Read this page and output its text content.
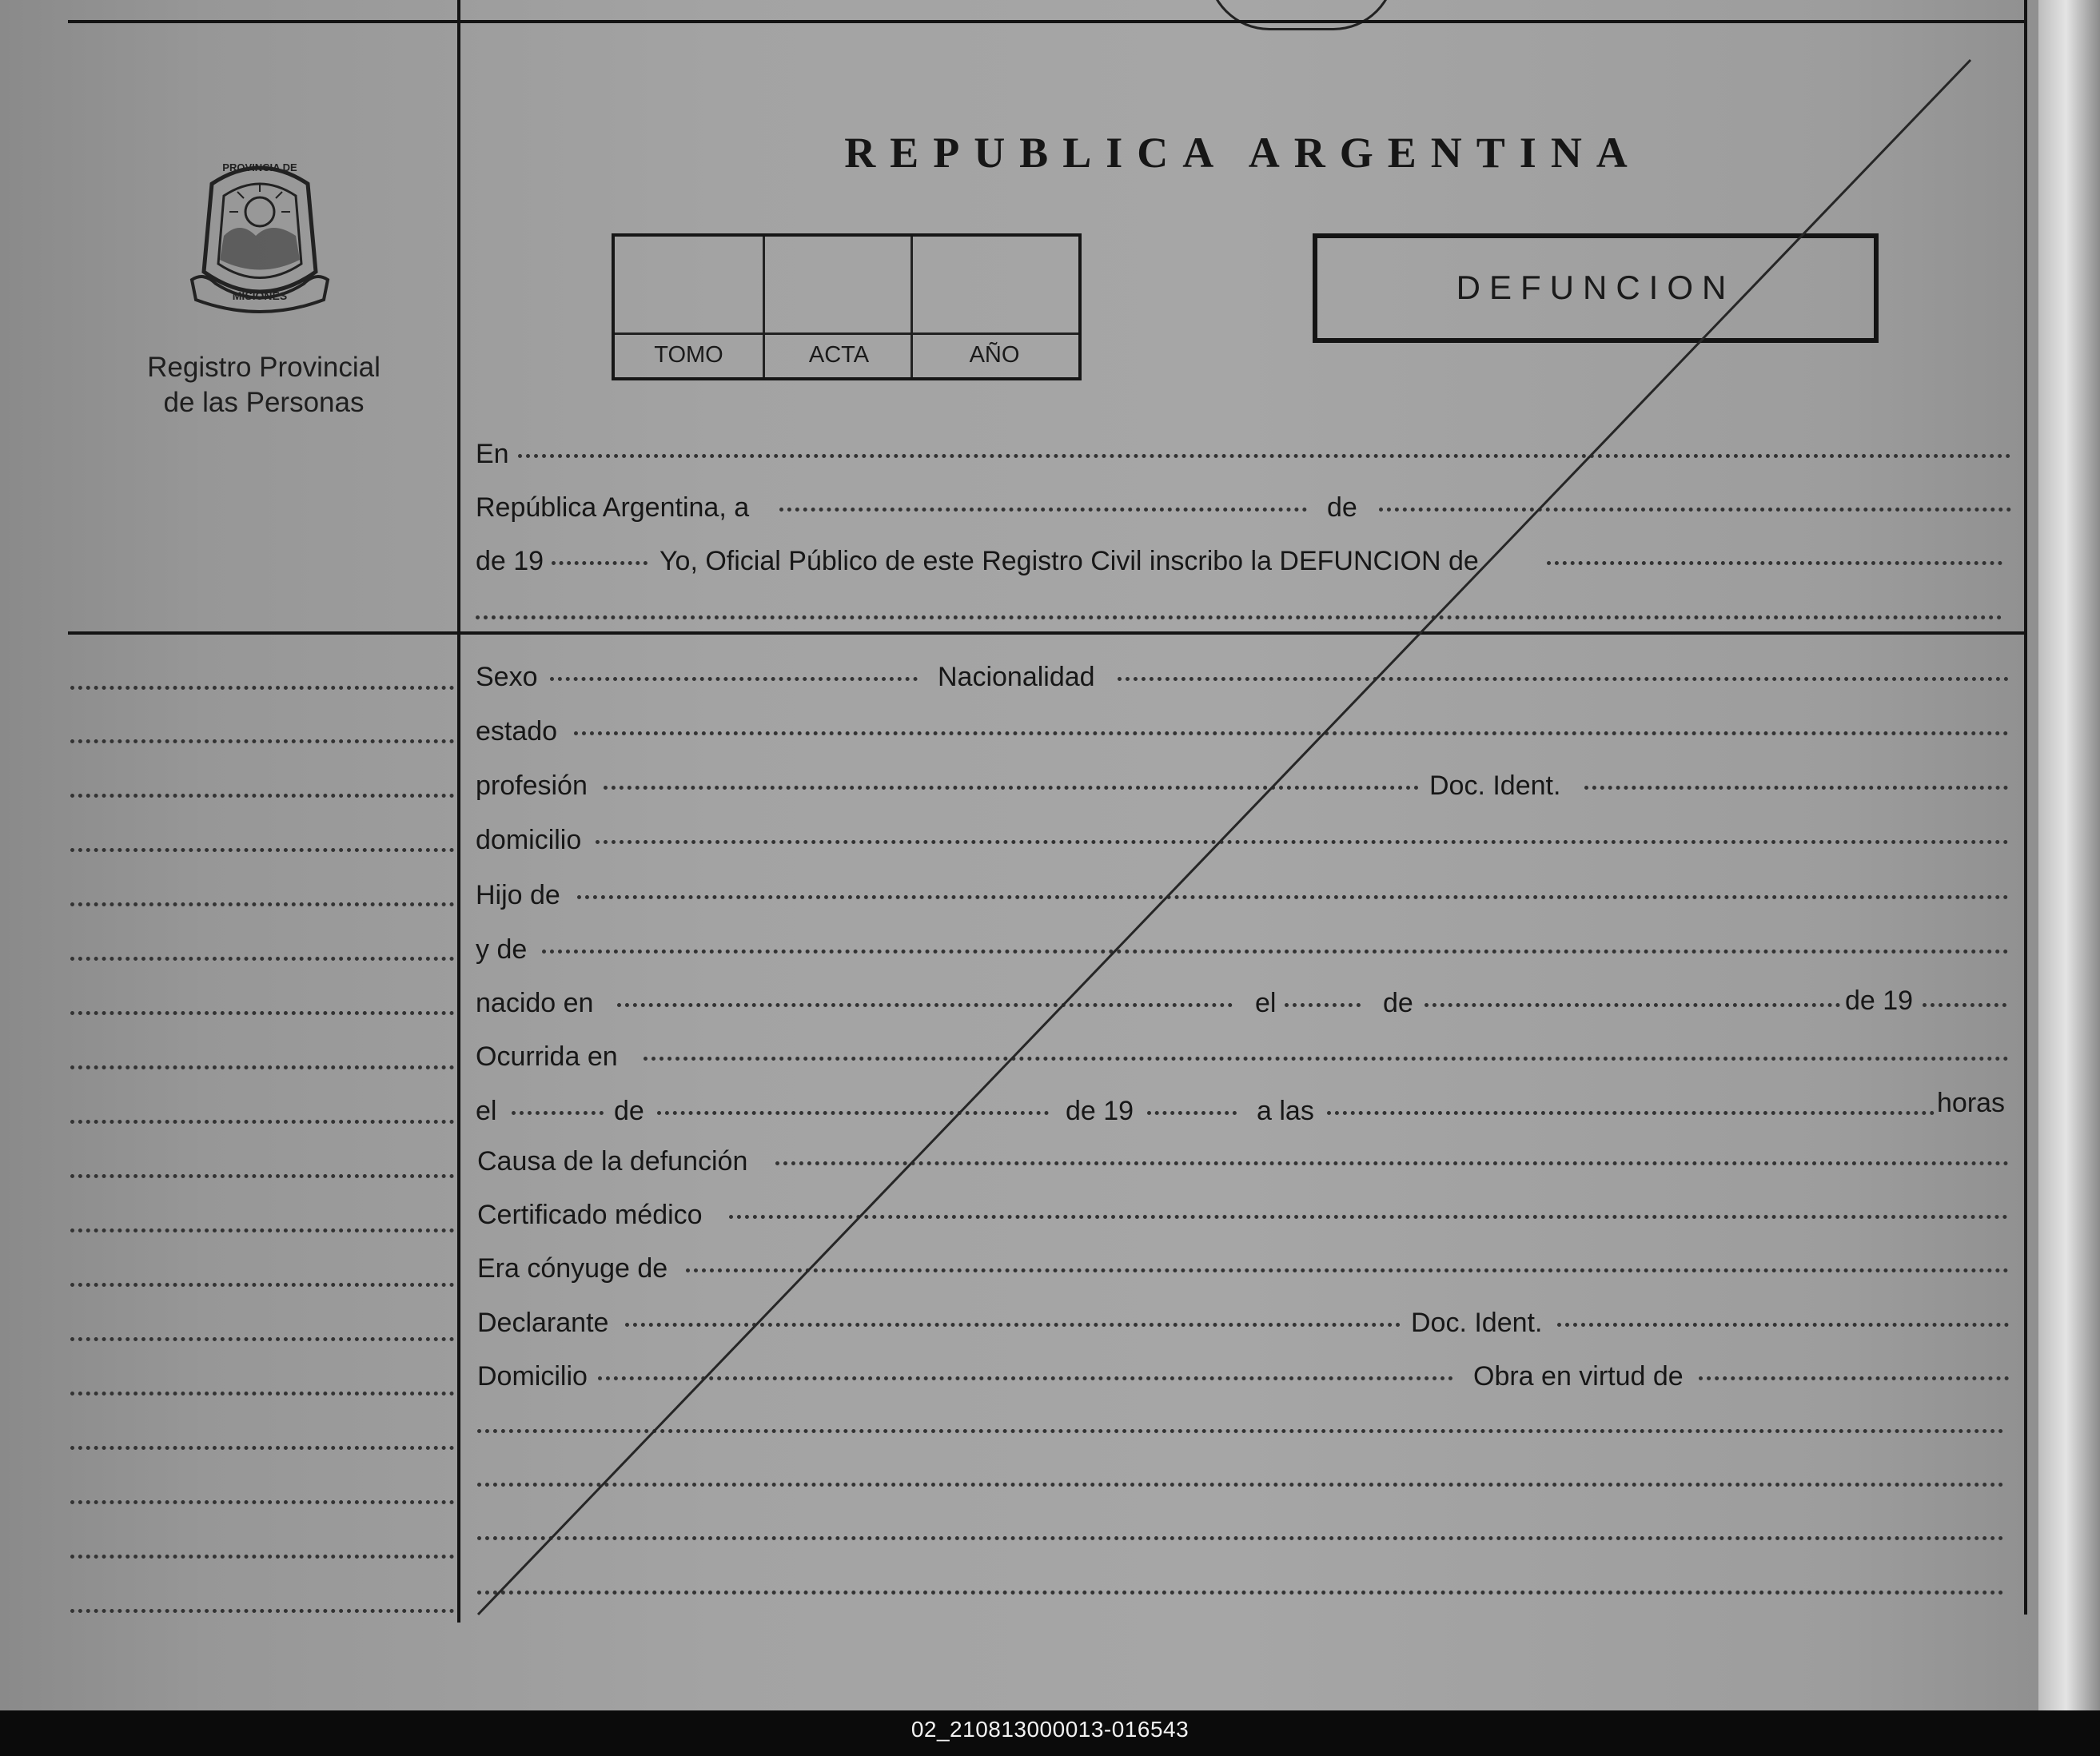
PROVINCIA DE
MISIONES
Registro Provincial
de las Personas
REPUBLICA ARGENTINA
TOMO	ACTA	AÑO
DEFUNCION
En
República Argentina, a	de
de 19	Yo, Oficial Público de este Registro Civil inscribo la DEFUNCION de
Sexo	Nacionalidad
estado
profesión	Doc. Ident.
domicilio
Hijo de
y de
nacido en	el	de	de 19
Ocurrida en
el	de	de 19	a las	horas
Causa de la defunción
Certificado médico
Era cónyuge de
Declarante	Doc. Ident.
Domicilio	Obra en virtud de
02_210813000013-016543
